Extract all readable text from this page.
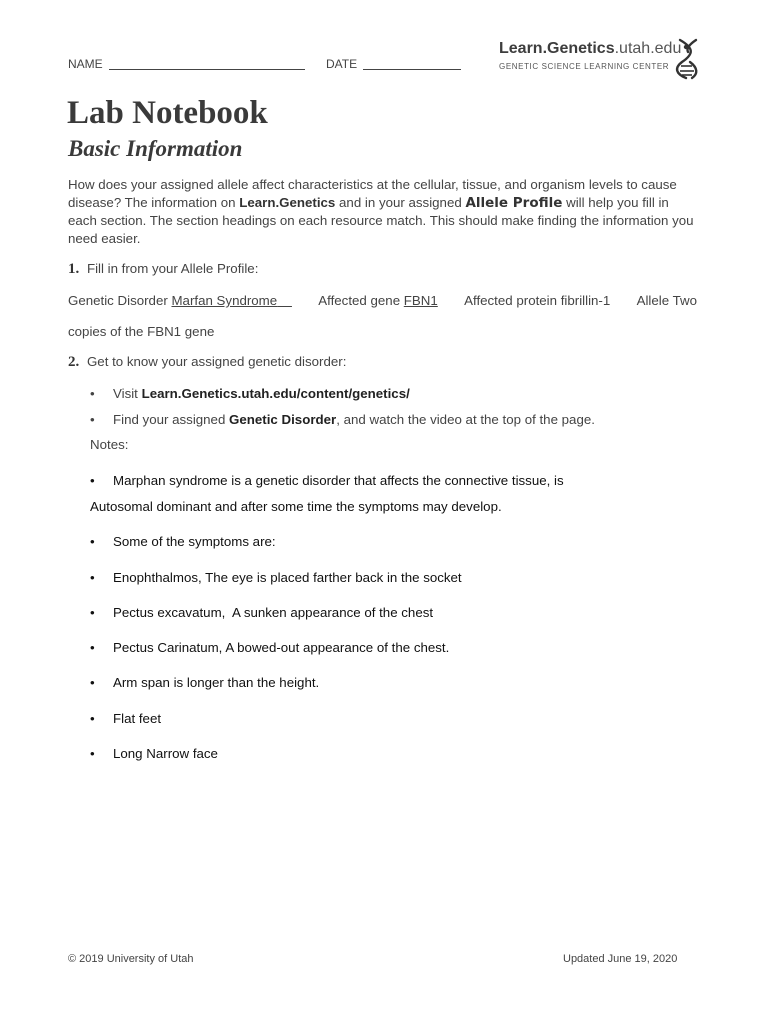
NAME	DATE
Learn.Genetics.utah.edu
GENETIC SCIENCE LEARNING CENTER
Lab Notebook
Basic Information

How does your assigned allele affect characteristics at the cellular, tissue, and organism levels to cause disease? The information on Learn.Genetics and in your assigned Allele Profile will help you fill in each section. The section headings on each resource match. This should make finding the information you need easier.

1. Fill in from your Allele Profile:
Genetic Disorder Marfan Syndrome	Affected gene FBN1 Affected protein fibrillin-1 Allele Two
copies of the FBN1 gene
2. Get to know your assigned genetic disorder:
• Visit Learn.Genetics.utah.edu/content/genetics/
• Find your assigned Genetic Disorder, and watch the video at the top of the page.
Notes:
• Marphan syndrome is a genetic disorder that affects the connective tissue, is
Autosomal dominant and after some time the symptoms may develop.
• Some of the symptoms are:
• Enophthalmos, The eye is placed farther back in the socket
• Pectus excavatum,  A sunken appearance of the chest
• Pectus Carinatum, A bowed-out appearance of the chest.
• Arm span is longer than the height.
• Flat feet
• Long Narrow face
© 2019 University of Utah	Updated June 19, 2020
